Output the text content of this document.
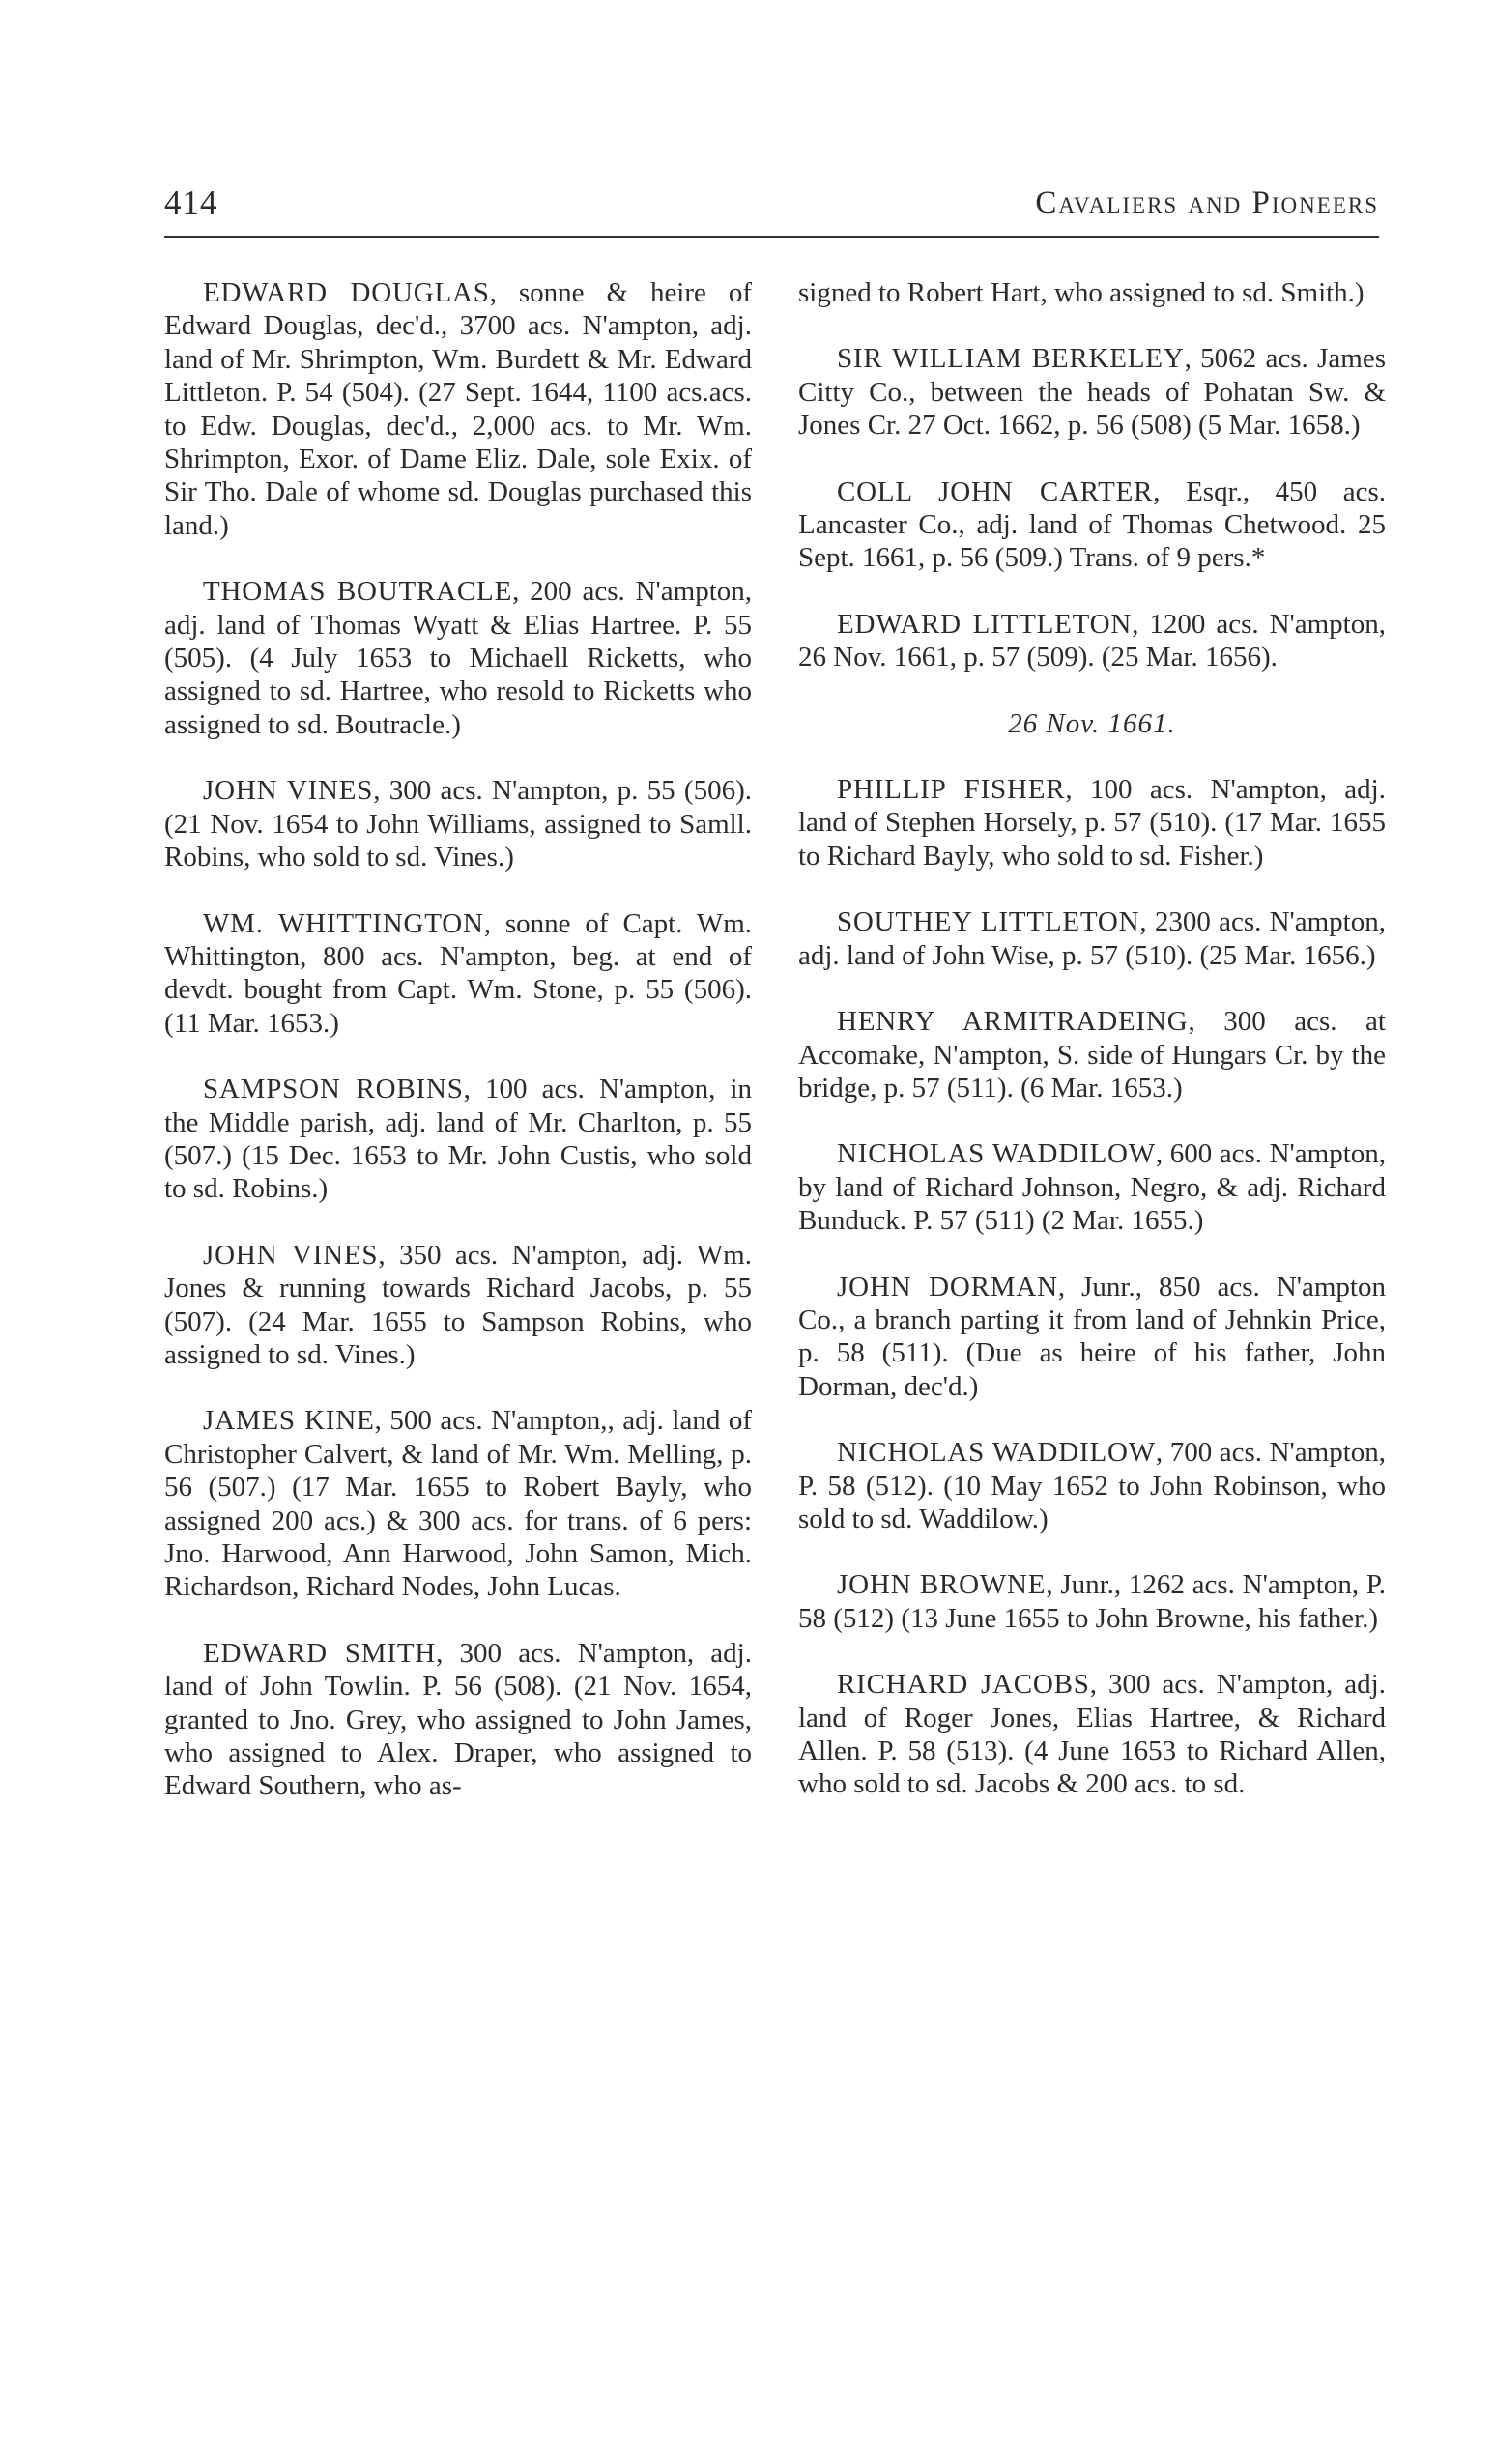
414	Cavaliers and Pioneers

EDWARD DOUGLAS, sonne & heire of Edward Douglas, dec'd., 3700 acs. N'ampton, adj. land of Mr. Shrimpton, Wm. Burdett & Mr. Edward Littleton. P. 54 (504). (27 Sept. 1644, 1100 acs.acs. to Edw. Douglas, dec'd., 2,000 acs. to Mr. Wm. Shrimpton, Exor. of Dame Eliz. Dale, sole Exix. of Sir Tho. Dale of whome sd. Douglas purchased this land.)

THOMAS BOUTRACLE, 200 acs. N'ampton, adj. land of Thomas Wyatt & Elias Hartree. P. 55 (505). (4 July 1653 to Michaell Ricketts, who assigned to sd. Hartree, who resold to Ricketts who assigned to sd. Boutracle.)

JOHN VINES, 300 acs. N'ampton, p. 55 (506). (21 Nov. 1654 to John Williams, assigned to Samll. Robins, who sold to sd. Vines.)

WM. WHITTINGTON, sonne of Capt. Wm. Whittington, 800 acs. N'ampton, beg. at end of devdt. bought from Capt. Wm. Stone, p. 55 (506). (11 Mar. 1653.)

SAMPSON ROBINS, 100 acs. N'ampton, in the Middle parish, adj. land of Mr. Charlton, p. 55 (507.) (15 Dec. 1653 to Mr. John Custis, who sold to sd. Robins.)

JOHN VINES, 350 acs. N'ampton, adj. Wm. Jones & running towards Richard Jacobs, p. 55 (507). (24 Mar. 1655 to Sampson Robins, who assigned to sd. Vines.)

JAMES KINE, 500 acs. N'ampton,, adj. land of Christopher Calvert, & land of Mr. Wm. Melling, p. 56 (507.) (17 Mar. 1655 to Robert Bayly, who assigned 200 acs.) & 300 acs. for trans. of 6 pers: Jno. Harwood, Ann Harwood, John Samon, Mich. Richardson, Richard Nodes, John Lucas.

EDWARD SMITH, 300 acs. N'ampton, adj. land of John Towlin. P. 56 (508). (21 Nov. 1654, granted to Jno. Grey, who assigned to John James, who assigned to Alex. Draper, who assigned to Edward Southern, who as-

signed to Robert Hart, who assigned to sd. Smith.)

SIR WILLIAM BERKELEY, 5062 acs. James Citty Co., between the heads of Pohatan Sw. & Jones Cr. 27 Oct. 1662, p. 56 (508) (5 Mar. 1658.)

COLL JOHN CARTER, Esqr., 450 acs. Lancaster Co., adj. land of Thomas Chetwood. 25 Sept. 1661, p. 56 (509.) Trans. of 9 pers.*

EDWARD LITTLETON, 1200 acs. N'ampton, 26 Nov. 1661, p. 57 (509). (25 Mar. 1656).

26 Nov. 1661.

PHILLIP FISHER, 100 acs. N'ampton, adj. land of Stephen Horsely, p. 57 (510). (17 Mar. 1655 to Richard Bayly, who sold to sd. Fisher.)

SOUTHEY LITTLETON, 2300 acs. N'ampton, adj. land of John Wise, p. 57 (510). (25 Mar. 1656.)

HENRY ARMITRADEING, 300 acs. at Accomake, N'ampton, S. side of Hungars Cr. by the bridge, p. 57 (511). (6 Mar. 1653.)

NICHOLAS WADDILOW, 600 acs. N'ampton, by land of Richard Johnson, Negro, & adj. Richard Bunduck. P. 57 (511) (2 Mar. 1655.)

JOHN DORMAN, Junr., 850 acs. N'ampton Co., a branch parting it from land of Jehnkin Price, p. 58 (511). (Due as heire of his father, John Dorman, dec'd.)

NICHOLAS WADDILOW, 700 acs. N'ampton, P. 58 (512). (10 May 1652 to John Robinson, who sold to sd. Waddilow.)

JOHN BROWNE, Junr., 1262 acs. N'ampton, P. 58 (512) (13 June 1655 to John Browne, his father.)

RICHARD JACOBS, 300 acs. N'ampton, adj. land of Roger Jones, Elias Hartree, & Richard Allen. P. 58 (513). (4 June 1653 to Richard Allen, who sold to sd. Jacobs & 200 acs. to sd.
